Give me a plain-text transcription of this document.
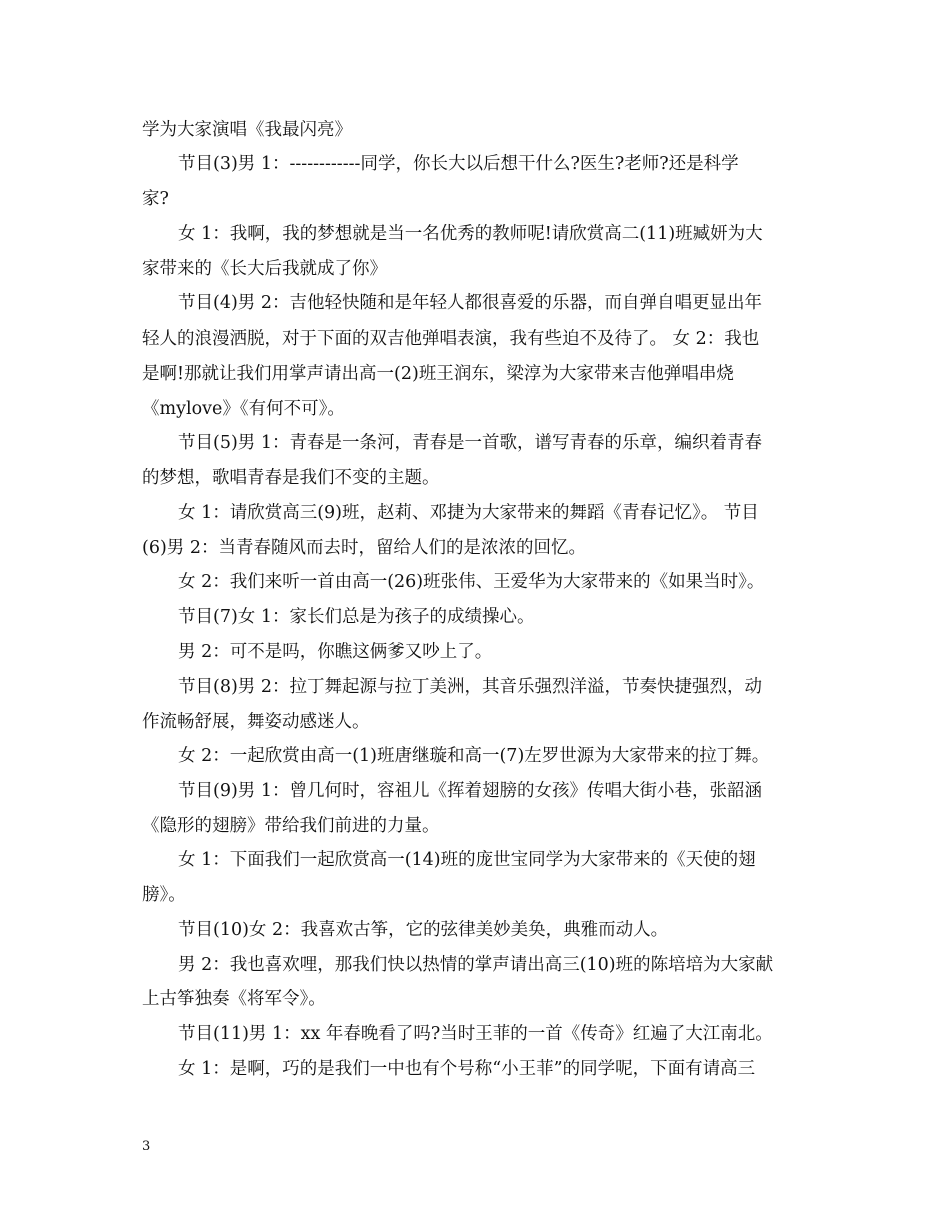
学为大家演唱《我最闪亮》
节目(3)男 1：------------同学，你长大以后想干什么?医生?老师?还是科学
家?
女 1：我啊，我的梦想就是当一名优秀的教师呢!请欣赏高二(11)班臧妍为大
家带来的《长大后我就成了你》
节目(4)男 2：吉他轻快随和是年轻人都很喜爱的乐器，而自弹自唱更显出年
轻人的浪漫洒脱，对于下面的双吉他弹唱表演，我有些迫不及待了。 女 2：我也
是啊!那就让我们用掌声请出高一(2)班王润东，梁淳为大家带来吉他弹唱串烧
《mylove》《有何不可》。
节目(5)男 1：青春是一条河，青春是一首歌，谱写青春的乐章，编织着青春
的梦想，歌唱青春是我们不变的主题。
女 1：请欣赏高三(9)班，赵莉、邓捷为大家带来的舞蹈《青春记忆》。 节目
(6)男 2：当青春随风而去时，留给人们的是浓浓的回忆。
女 2：我们来听一首由高一(26)班张伟、王爱华为大家带来的《如果当时》。
节目(7)女 1：家长们总是为孩子的成绩操心。
男 2：可不是吗，你瞧这俩爹又吵上了。
节目(8)男 2：拉丁舞起源与拉丁美洲，其音乐强烈洋溢，节奏快捷强烈，动
作流畅舒展，舞姿动感迷人。
女 2：一起欣赏由高一(1)班唐继璇和高一(7)左罗世源为大家带来的拉丁舞。
节目(9)男 1：曾几何时，容祖儿《挥着翅膀的女孩》传唱大街小巷，张韶涵
《隐形的翅膀》带给我们前进的力量。
女 1：下面我们一起欣赏高一(14)班的庞世宝同学为大家带来的《天使的翅
膀》。
节目(10)女 2：我喜欢古筝，它的弦律美妙美奂，典雅而动人。
男 2：我也喜欢哩，那我们快以热情的掌声请出高三(10)班的陈培培为大家献
上古筝独奏《将军令》。
节目(11)男 1：xx 年春晚看了吗?当时王菲的一首《传奇》红遍了大江南北。
女 1：是啊，巧的是我们一中也有个号称“小王菲”的同学呢，下面有请高三
3
